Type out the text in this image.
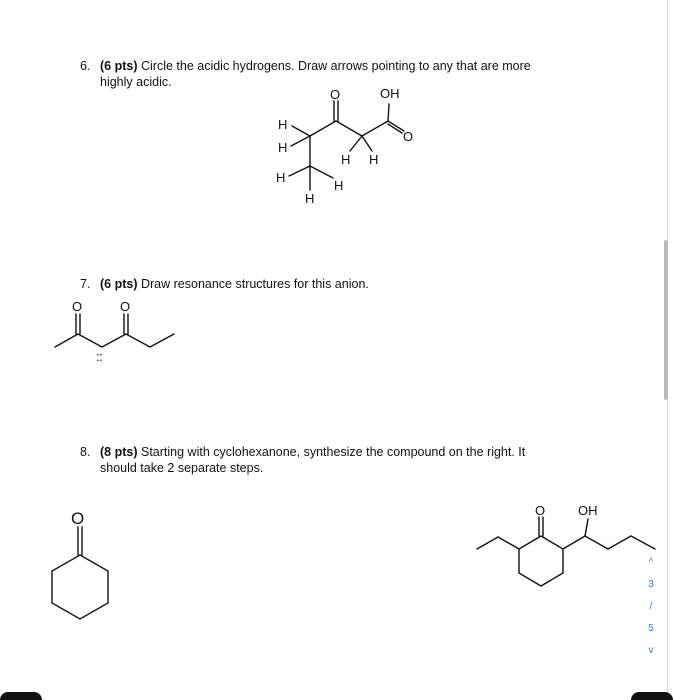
6. (6 pts) Circle the acidic hydrogens. Draw arrows pointing to any that are more
highly acidic.
7. (6 pts) Draw resonance structures for this anion.
8. (8 pts) Starting with cyclohexanone, synthesize the compound on the right. It
should take 2 separate steps.
O	OH
O
H
H
H
H
H
H H
O	O
: :
O	O	OH
^
3
/
5
v
